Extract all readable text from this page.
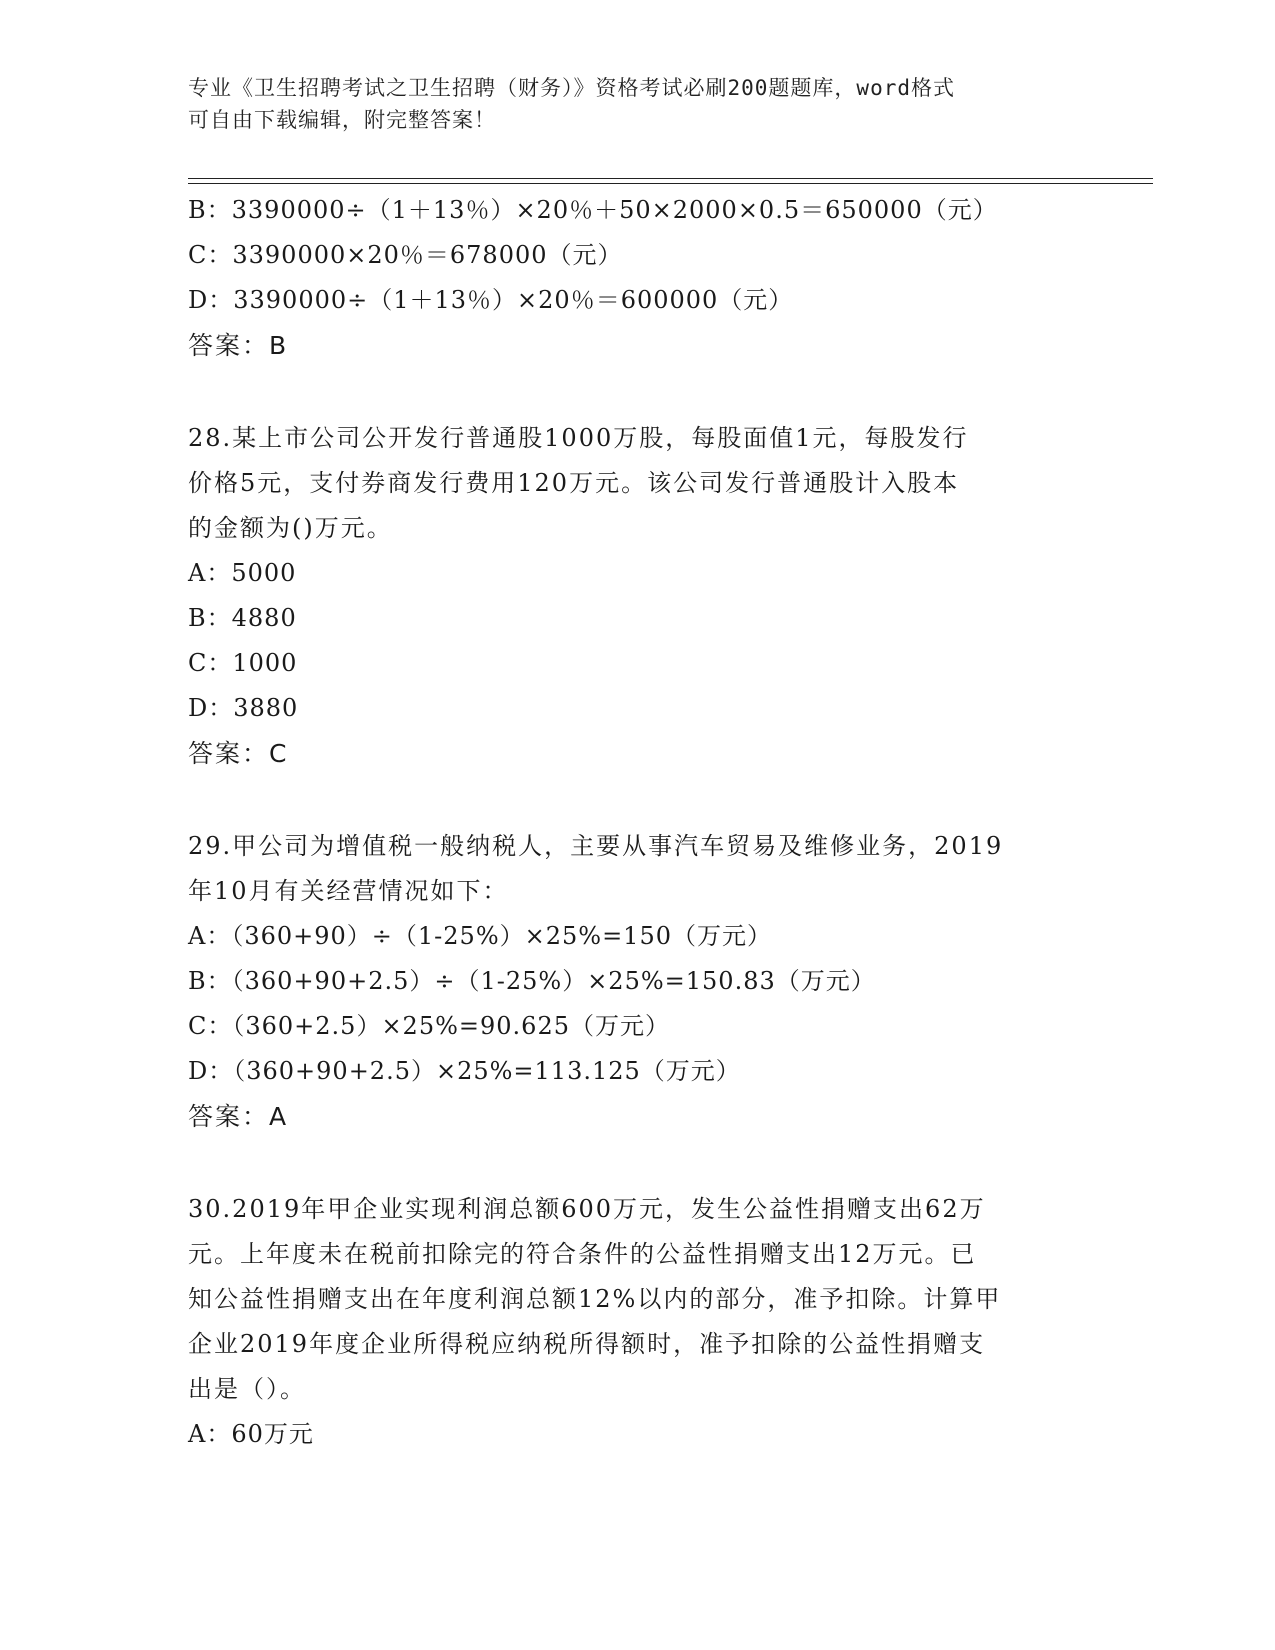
专业《卫生招聘考试之卫生招聘（财务）》资格考试必刷200题题库，word格式
可自由下载编辑，附完整答案！
B：3390000÷（1＋13％）×20％＋50×2000×0.5＝650000（元）
C：3390000×20％＝678000（元）
D：3390000÷（1＋13％）×20％＝600000（元）
答案：B
28.某上市公司公开发行普通股1000万股，每股面值1元，每股发行
价格5元，支付券商发行费用120万元。该公司发行普通股计入股本
的金额为()万元。
A：5000
B：4880
C：1000
D：3880
答案：C
29.甲公司为增值税一般纳税人，主要从事汽车贸易及维修业务，2019
年10月有关经营情况如下：
A：（360+90）÷（1-25%）×25%=150（万元）
B：（360+90+2.5）÷（1-25%）×25%=150.83（万元）
C：（360+2.5）×25%=90.625（万元）
D：（360+90+2.5）×25%=113.125（万元）
答案：A
30.2019年甲企业实现利润总额600万元，发生公益性捐赠支出62万
元。上年度未在税前扣除完的符合条件的公益性捐赠支出12万元。已
知公益性捐赠支出在年度利润总额12%以内的部分，准予扣除。计算甲
企业2019年度企业所得税应纳税所得额时，准予扣除的公益性捐赠支
出是（）。
A：60万元
